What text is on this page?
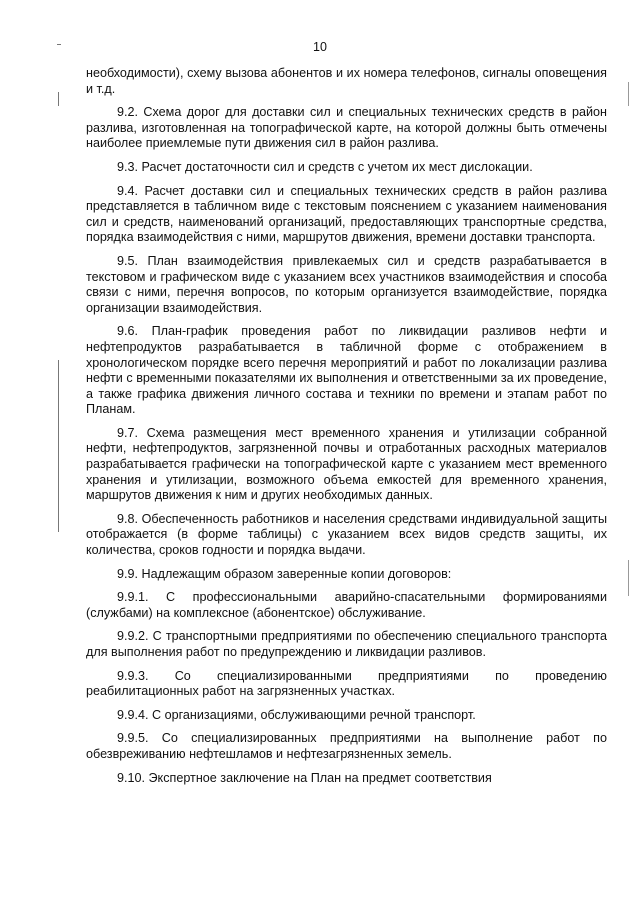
10

необходимости), схему вызова абонентов и их номера телефонов, сигналы оповещения и т.д.

9.2. Схема дорог для доставки сил и специальных технических средств в район разлива, изготовленная на топографической карте, на которой должны быть отмечены наиболее приемлемые пути движения сил в район разлива.

9.3. Расчет достаточности сил и средств с учетом их мест дислокации.

9.4. Расчет доставки сил и специальных технических средств в район разлива представляется в табличном виде с текстовым пояснением с указанием наименования сил и средств, наименований организаций, предоставляющих транспортные средства, порядка взаимодействия с ними, маршрутов движения, времени доставки транспорта.

9.5. План взаимодействия привлекаемых сил и средств разрабатывается в текстовом и графическом виде с указанием всех участников взаимодействия и способа связи с ними, перечня вопросов, по которым организуется взаимодействие, порядка организации взаимодействия.

9.6. План-график проведения работ по ликвидации разливов нефти и нефтепродуктов разрабатывается в табличной форме с отображением в хронологическом порядке всего перечня мероприятий и работ по локализации разлива нефти с временными показателями их выполнения и ответственными за их проведение, а также графика движения личного состава и техники по времени и этапам работ по Планам.

9.7. Схема размещения мест временного хранения и утилизации собранной нефти, нефтепродуктов, загрязненной почвы и отработанных расходных материалов разрабатывается графически на топографической карте с указанием мест временного хранения и утилизации, возможного объема емкостей для временного хранения, маршрутов движения к ним и других необходимых данных.

9.8. Обеспеченность работников и населения средствами индивидуальной защиты отображается (в форме таблицы) с указанием всех видов средств защиты, их количества, сроков годности и порядка выдачи.

9.9. Надлежащим образом заверенные копии договоров:

9.9.1. С профессиональными аварийно-спасательными формированиями (службами) на комплексное (абонентское) обслуживание.

9.9.2. С транспортными предприятиями по обеспечению специального транспорта для выполнения работ по предупреждению и ликвидации разливов.

9.9.3. Со специализированными предприятиями по проведению реабилитационных работ на загрязненных участках.

9.9.4. С организациями, обслуживающими речной транспорт.

9.9.5. Со специализированных предприятиями на выполнение работ по обезвреживанию нефтешламов и нефтезагрязненных земель.

9.10. Экспертное заключение на План на предмет соответствия
